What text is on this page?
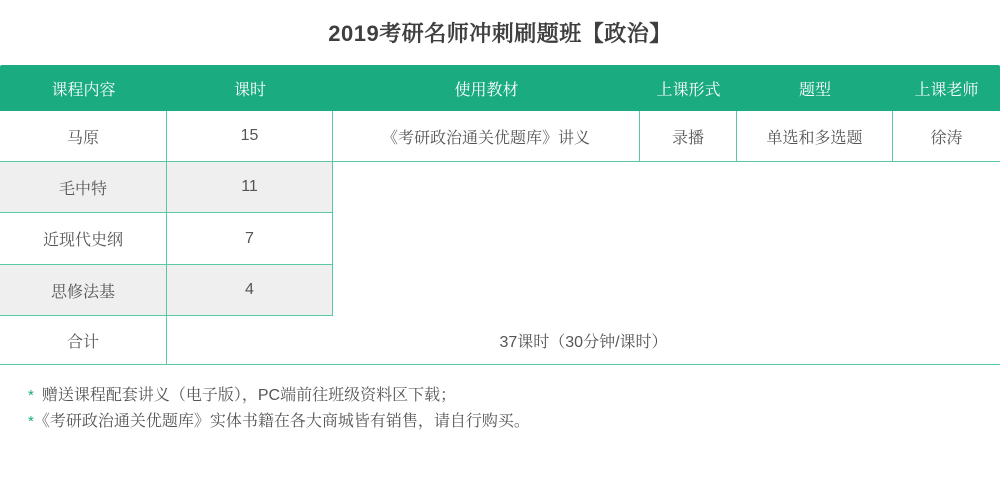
2019考研名师冲刺刷题班【政治】
课程内容	课时	使用教材	上课形式	题型	上课老师
马原	15	《考研政治通关优题库》讲义	录播	单选和多选题	徐涛
毛中特	11
近现代史纲	7
思修法基	4
合计	37课时（30分钟/课时）
* 赠送课程配套讲义（电子版），PC端前往班级资料区下载；
*《考研政治通关优题库》实体书籍在各大商城皆有销售，请自行购买。
